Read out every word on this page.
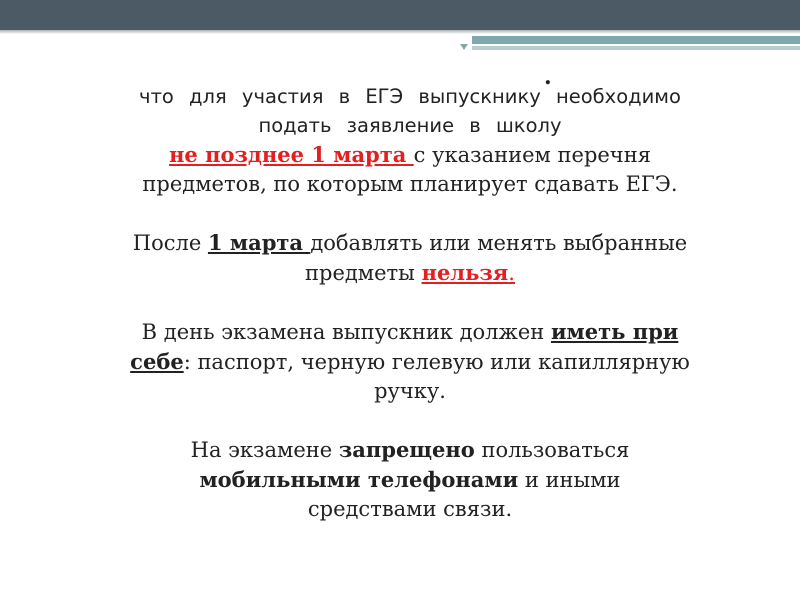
.

что для участия в ЕГЭ выпускнику необходимо
подать заявление в школу

не позднее 1 марта с указанием перечня
предметов, по которым планирует сдавать ЕГЭ.

После 1 марта добавлять или менять выбранные
предметы нельзя.

В день экзамена выпускник должен иметь при
себе: паспорт, черную гелевую или капиллярную
ручку.

На экзамене запрещено пользоваться
мобильными телефонами и иными
средствами связи.
